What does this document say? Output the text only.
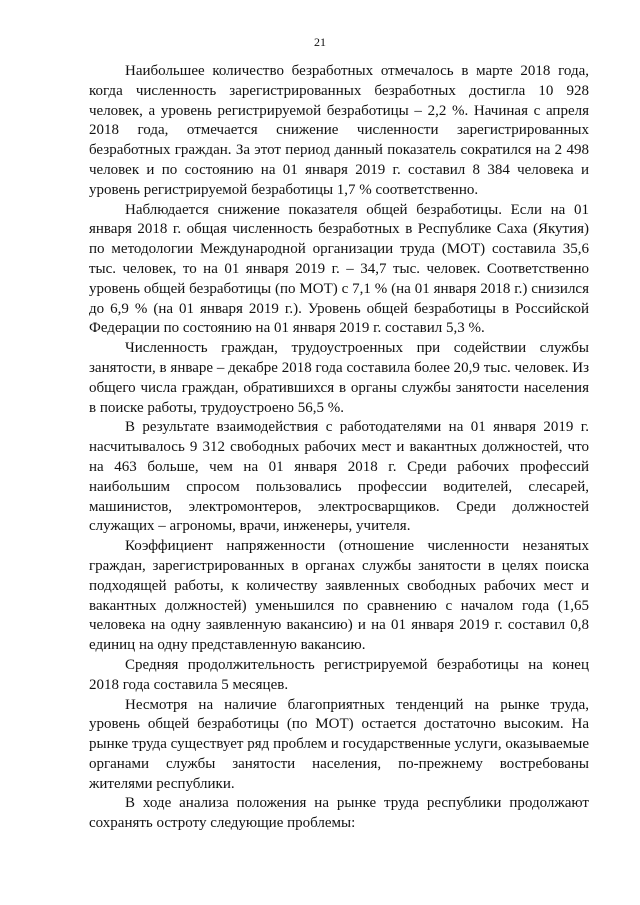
21

Наибольшее количество безработных отмечалось в марте 2018 года, когда численность зарегистрированных безработных достигла 10 928 человек, а уровень регистрируемой безработицы – 2,2 %. Начиная с апреля 2018 года, отмечается снижение численности зарегистрированных безработных граждан. За этот период данный показатель сократился на 2 498 человек и по состоянию на 01 января 2019 г. составил 8 384 человека и уровень регистрируемой безработицы 1,7 % соответственно.

Наблюдается снижение показателя общей безработицы. Если на 01 января 2018 г. общая численность безработных в Республике Саха (Якутия) по методологии Международной организации труда (МОТ) составила 35,6 тыс. человек, то на 01 января 2019 г. – 34,7 тыс. человек. Соответственно уровень общей безработицы (по МОТ) с 7,1 % (на 01 января 2018 г.) снизился до 6,9 % (на 01 января 2019 г.). Уровень общей безработицы в Российской Федерации по состоянию на 01 января 2019 г. составил 5,3 %.

Численность граждан, трудоустроенных при содействии службы занятости, в январе – декабре 2018 года составила более 20,9 тыс. человек. Из общего числа граждан, обратившихся в органы службы занятости населения в поиске работы, трудоустроено 56,5 %.

В результате взаимодействия с работодателями на 01 января 2019 г. насчитывалось 9 312 свободных рабочих мест и вакантных должностей, что на 463 больше, чем на 01 января 2018 г. Среди рабочих профессий наибольшим спросом пользовались профессии водителей, слесарей, машинистов, электромонтеров, электросварщиков. Среди должностей служащих – агрономы, врачи, инженеры, учителя.

Коэффициент напряженности (отношение численности незанятых граждан, зарегистрированных в органах службы занятости в целях поиска подходящей работы, к количеству заявленных свободных рабочих мест и вакантных должностей) уменьшился по сравнению с началом года (1,65 человека на одну заявленную вакансию) и на 01 января 2019 г. составил 0,8 единиц на одну представленную вакансию.

Средняя продолжительность регистрируемой безработицы на конец 2018 года составила 5 месяцев.

Несмотря на наличие благоприятных тенденций на рынке труда, уровень общей безработицы (по МОТ) остается достаточно высоким. На рынке труда существует ряд проблем и государственные услуги, оказываемые органами службы занятости населения, по-прежнему востребованы жителями республики.

В ходе анализа положения на рынке труда республики продолжают сохранять остроту следующие проблемы:
